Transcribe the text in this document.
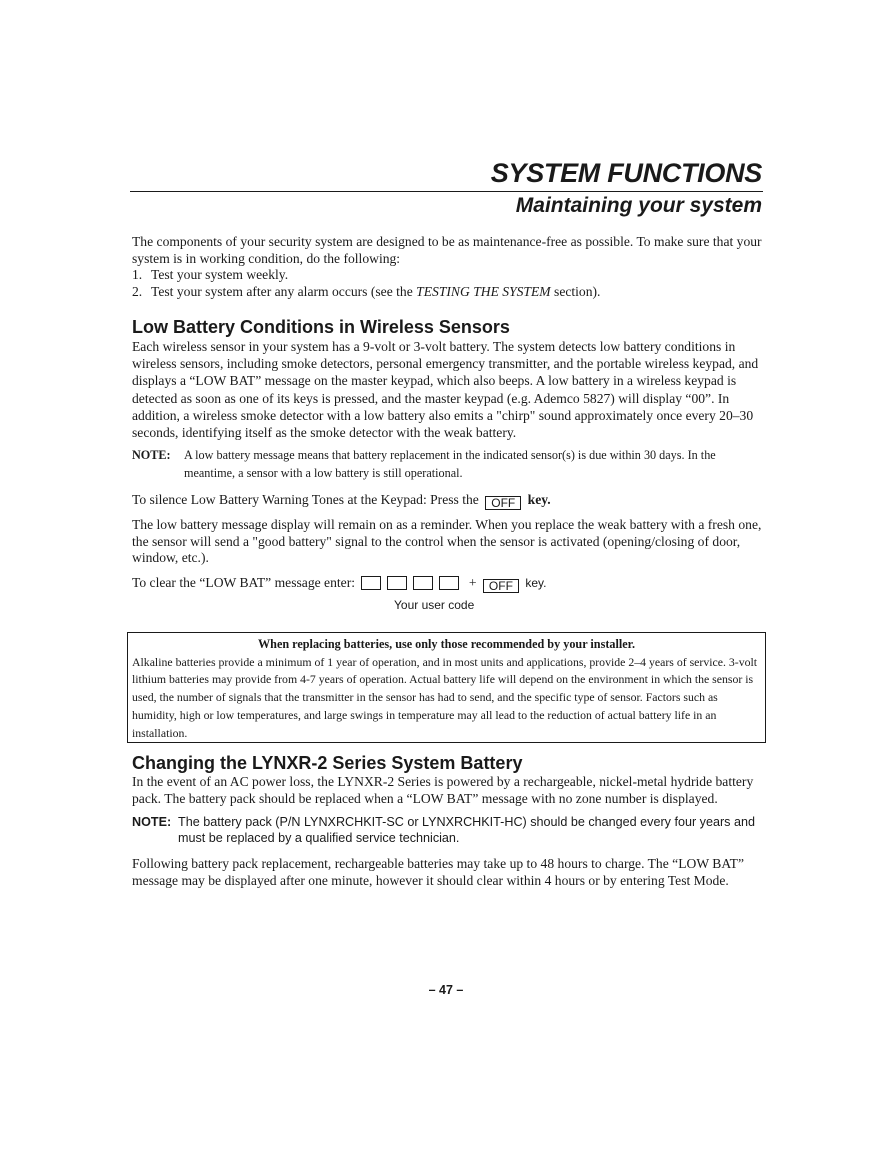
SYSTEM FUNCTIONS
Maintaining your system

The components of your security system are designed to be as maintenance-free as possible. To make sure that your system is in working condition, do the following:

1. Test your system weekly.
2. Test your system after any alarm occurs (see the TESTING THE SYSTEM section).
Low Battery Conditions in Wireless Sensors

Each wireless sensor in your system has a 9-volt or 3-volt battery. The system detects low battery conditions in wireless sensors, including smoke detectors, personal emergency transmitter, and the portable wireless keypad, and displays a “LOW BAT” message on the master keypad, which also beeps. A low battery in a wireless keypad is detected as soon as one of its keys is pressed, and the master keypad (e.g. Ademco 5827) will display “00”. In addition, a wireless smoke detector with a low battery also emits a "chirp" sound approximately once every 20–30 seconds, identifying itself as the smoke detector with the weak battery.

NOTE:	A low battery message means that battery replacement in the indicated sensor(s) is due within 30 days. In the meantime, a sensor with a low battery is still operational.
To silence Low Battery Warning Tones at the Keypad: Press the OFF key.

The low battery message display will remain on as a reminder. When you replace the weak battery with a fresh one, the sensor will send a "good battery" signal to the control when the sensor is activated (opening/closing of door, window, etc.).

To clear the “LOW BAT” message enter:	+ OFF key.
Your user code
When replacing batteries, use only those recommended by your installer.
Alkaline batteries provide a minimum of 1 year of operation, and in most units and applications, provide 2–4 years of service. 3-volt lithium batteries may provide from 4-7 years of operation. Actual battery life will depend on the environment in which the sensor is used, the number of signals that the transmitter in the sensor has had to send, and the specific type of sensor. Factors such as humidity, high or low temperatures, and large swings in temperature may all lead to the reduction of actual battery life in an installation.
Changing the LYNXR-2 Series System Battery

In the event of an AC power loss, the LYNXR-2 Series is powered by a rechargeable, nickel-metal hydride battery pack. The battery pack should be replaced when a “LOW BAT” message with no zone number is displayed.

NOTE: The battery pack (P/N LYNXRCHKIT-SC or LYNXRCHKIT-HC) should be changed every four years and must be replaced by a qualified service technician.

Following battery pack replacement, rechargeable batteries may take up to 48 hours to charge. The “LOW BAT” message may be displayed after one minute, however it should clear within 4 hours or by entering Test Mode.

– 47 –
